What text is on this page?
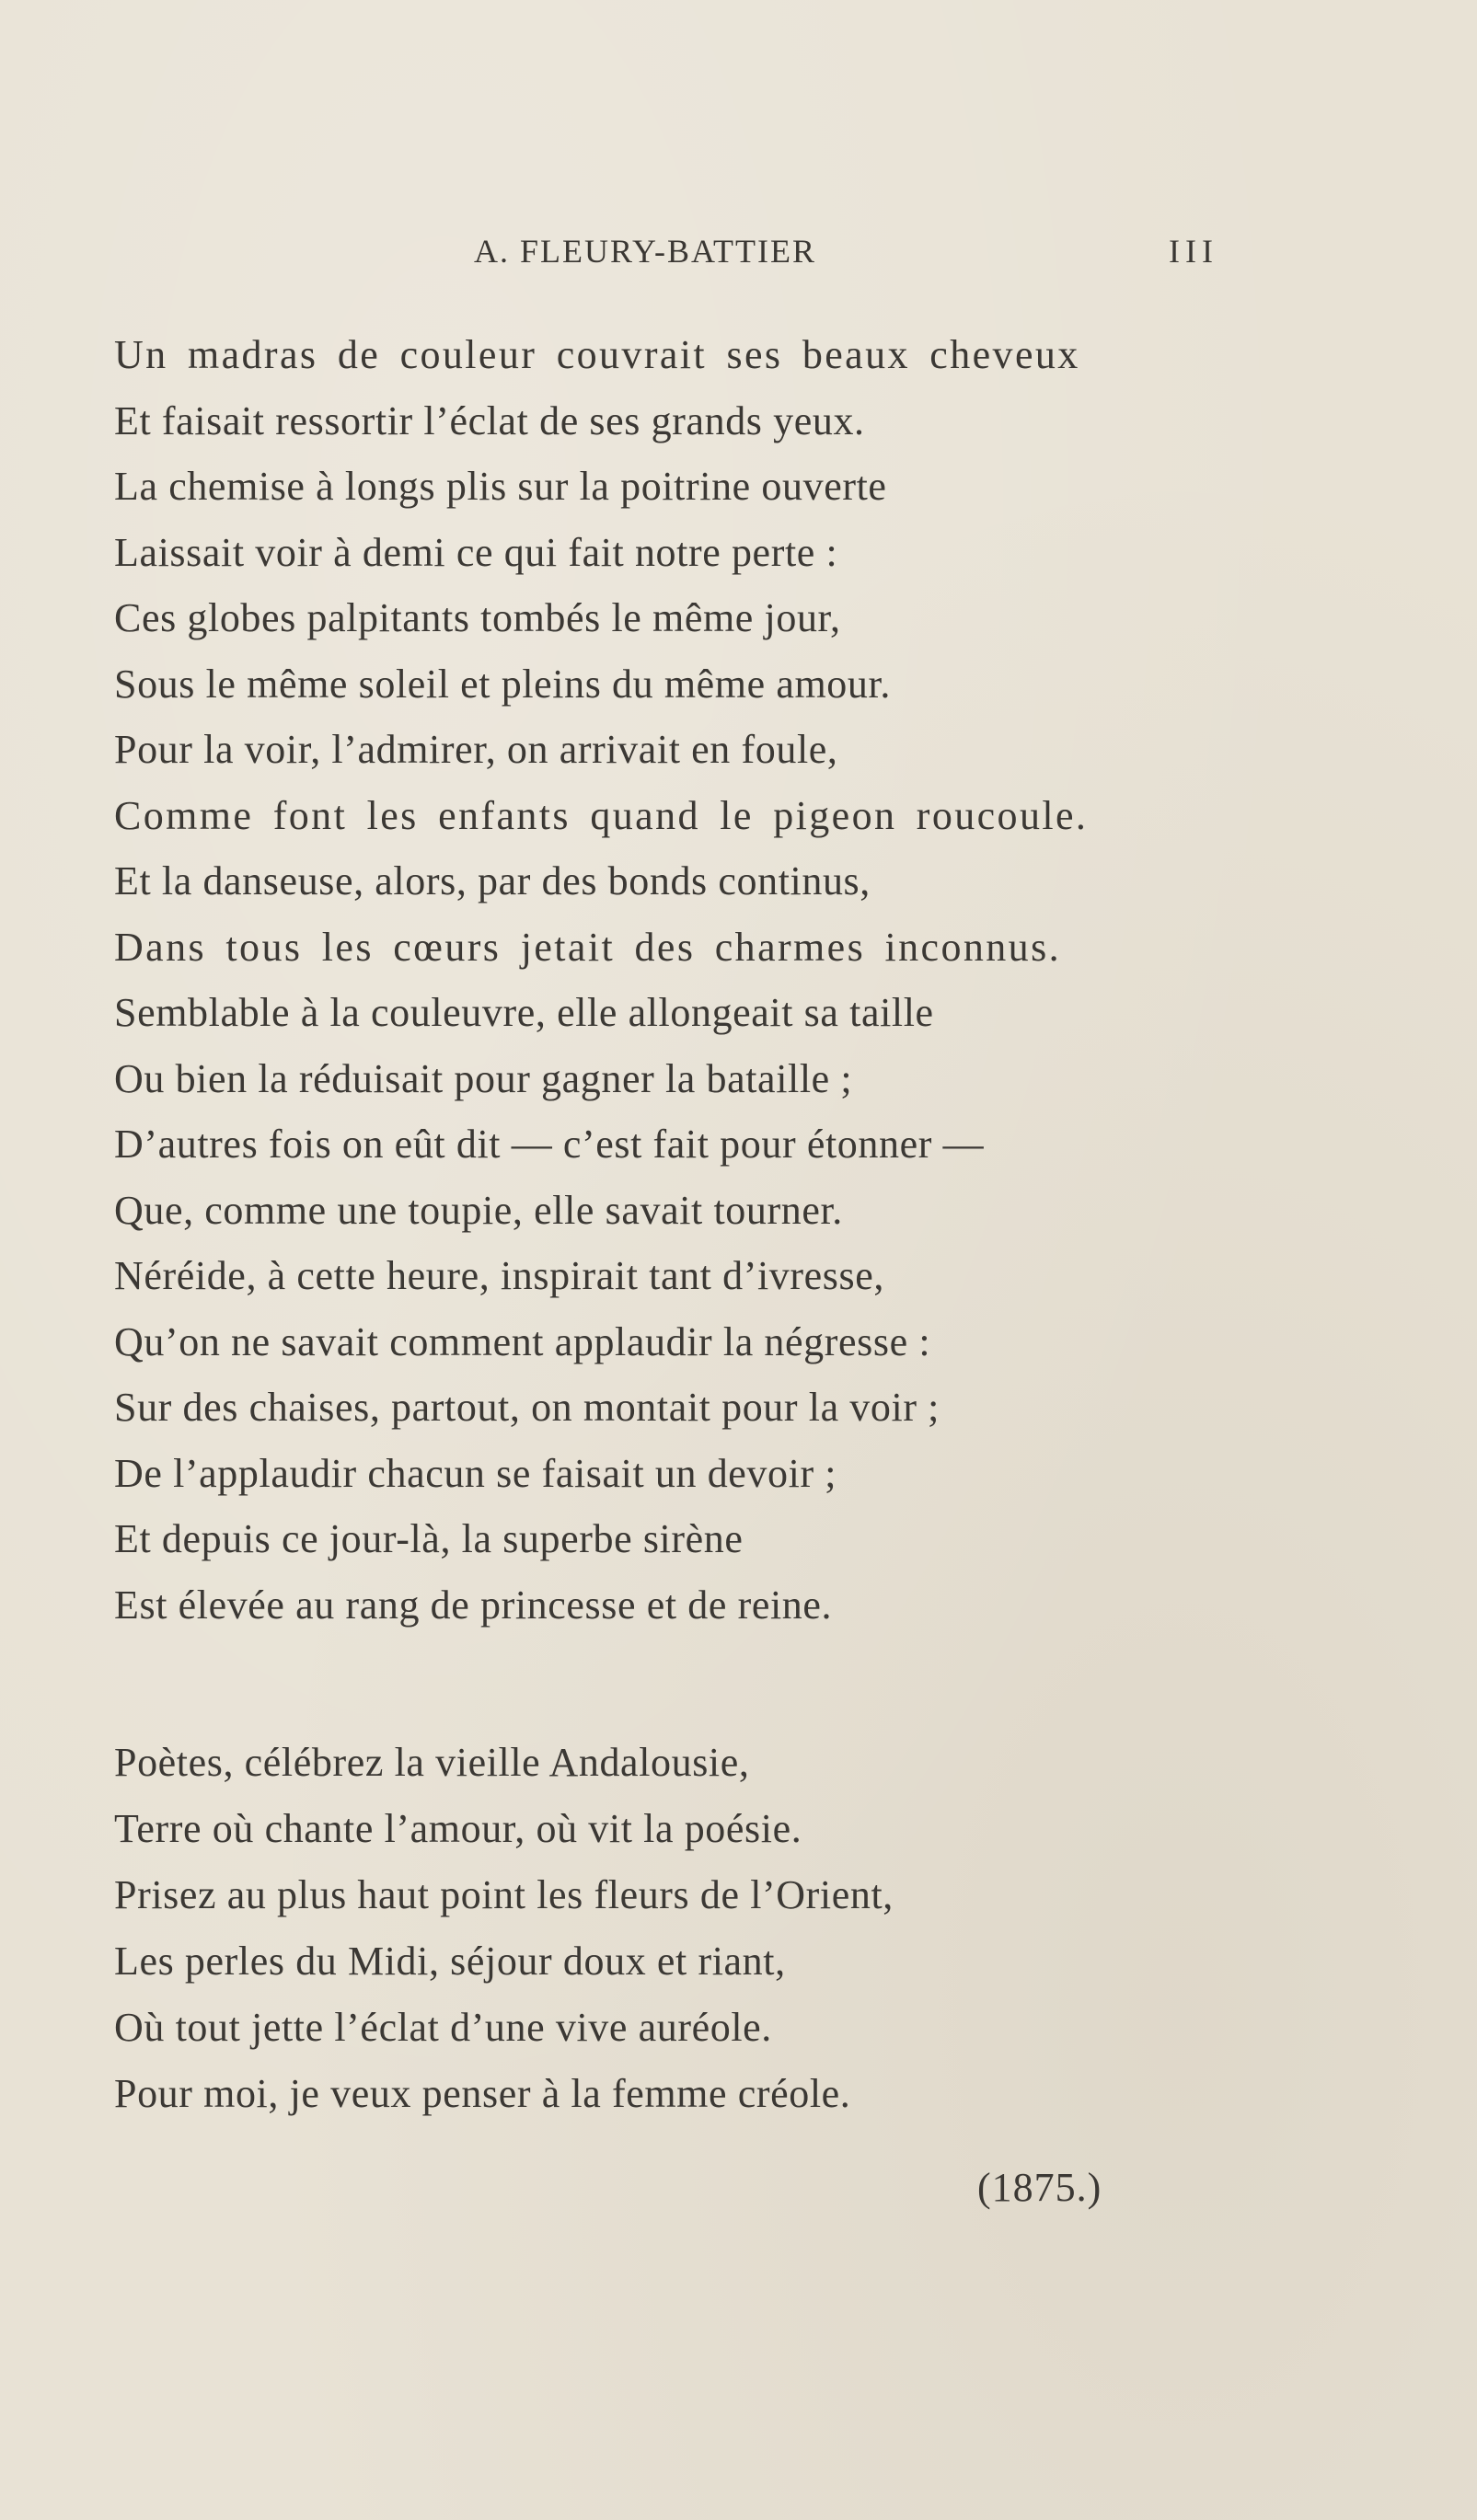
A. FLEURY-BATTIER	III
Un madras de couleur couvrait ses beaux cheveux
Et faisait ressortir l’éclat de ses grands yeux.
La chemise à longs plis sur la poitrine ouverte
Laissait voir à demi ce qui fait notre perte :
Ces globes palpitants tombés le même jour,
Sous le même soleil et pleins du même amour.
Pour la voir, l’admirer, on arrivait en foule,
Comme font les enfants quand le pigeon roucoule.
Et la danseuse, alors, par des bonds continus,
Dans tous les cœurs jetait des charmes inconnus.
Semblable à la couleuvre, elle allongeait sa taille
Ou bien la réduisait pour gagner la bataille ;
D’autres fois on eût dit — c’est fait pour étonner —
Que, comme une toupie, elle savait tourner.
Néréide, à cette heure, inspirait tant d’ivresse,
Qu’on ne savait comment applaudir la négresse :
Sur des chaises, partout, on montait pour la voir ;
De l’applaudir chacun se faisait un devoir ;
Et depuis ce jour-là, la superbe sirène
Est élevée au rang de princesse et de reine.
Poètes, célébrez la vieille Andalousie,
Terre où chante l’amour, où vit la poésie.
Prisez au plus haut point les fleurs de l’Orient,
Les perles du Midi, séjour doux et riant,
Où tout jette l’éclat d’une vive auréole.
Pour moi, je veux penser à la femme créole.
(1875.)
